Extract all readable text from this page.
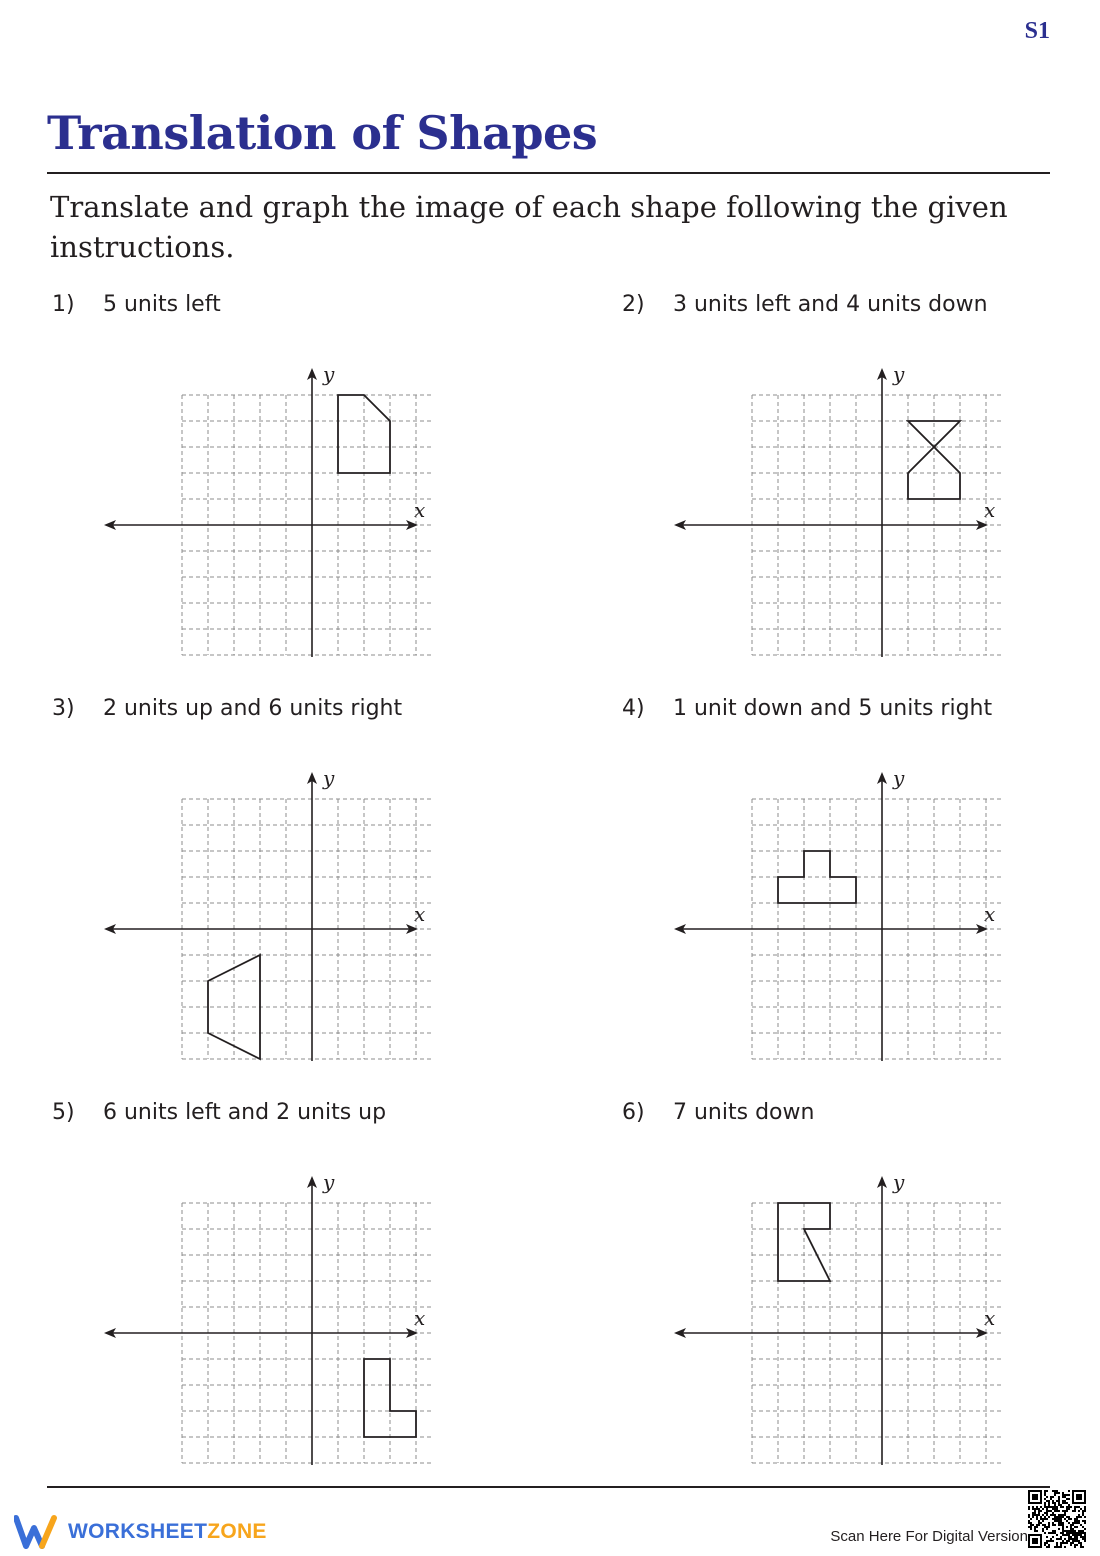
S1
Translation of Shapes

Translate and graph the image of each shape following the given instructions.

1) 5 units left
x
y
2) 3 units left and 4 units down
x
y
3) 2 units up and 6 units right
x
y
4) 1 unit down and 5 units right
x
y
5) 6 units left and 2 units up
x
y
6) 7 units down
x
y
WORKSHEETZONE	Scan Here For Digital Version
